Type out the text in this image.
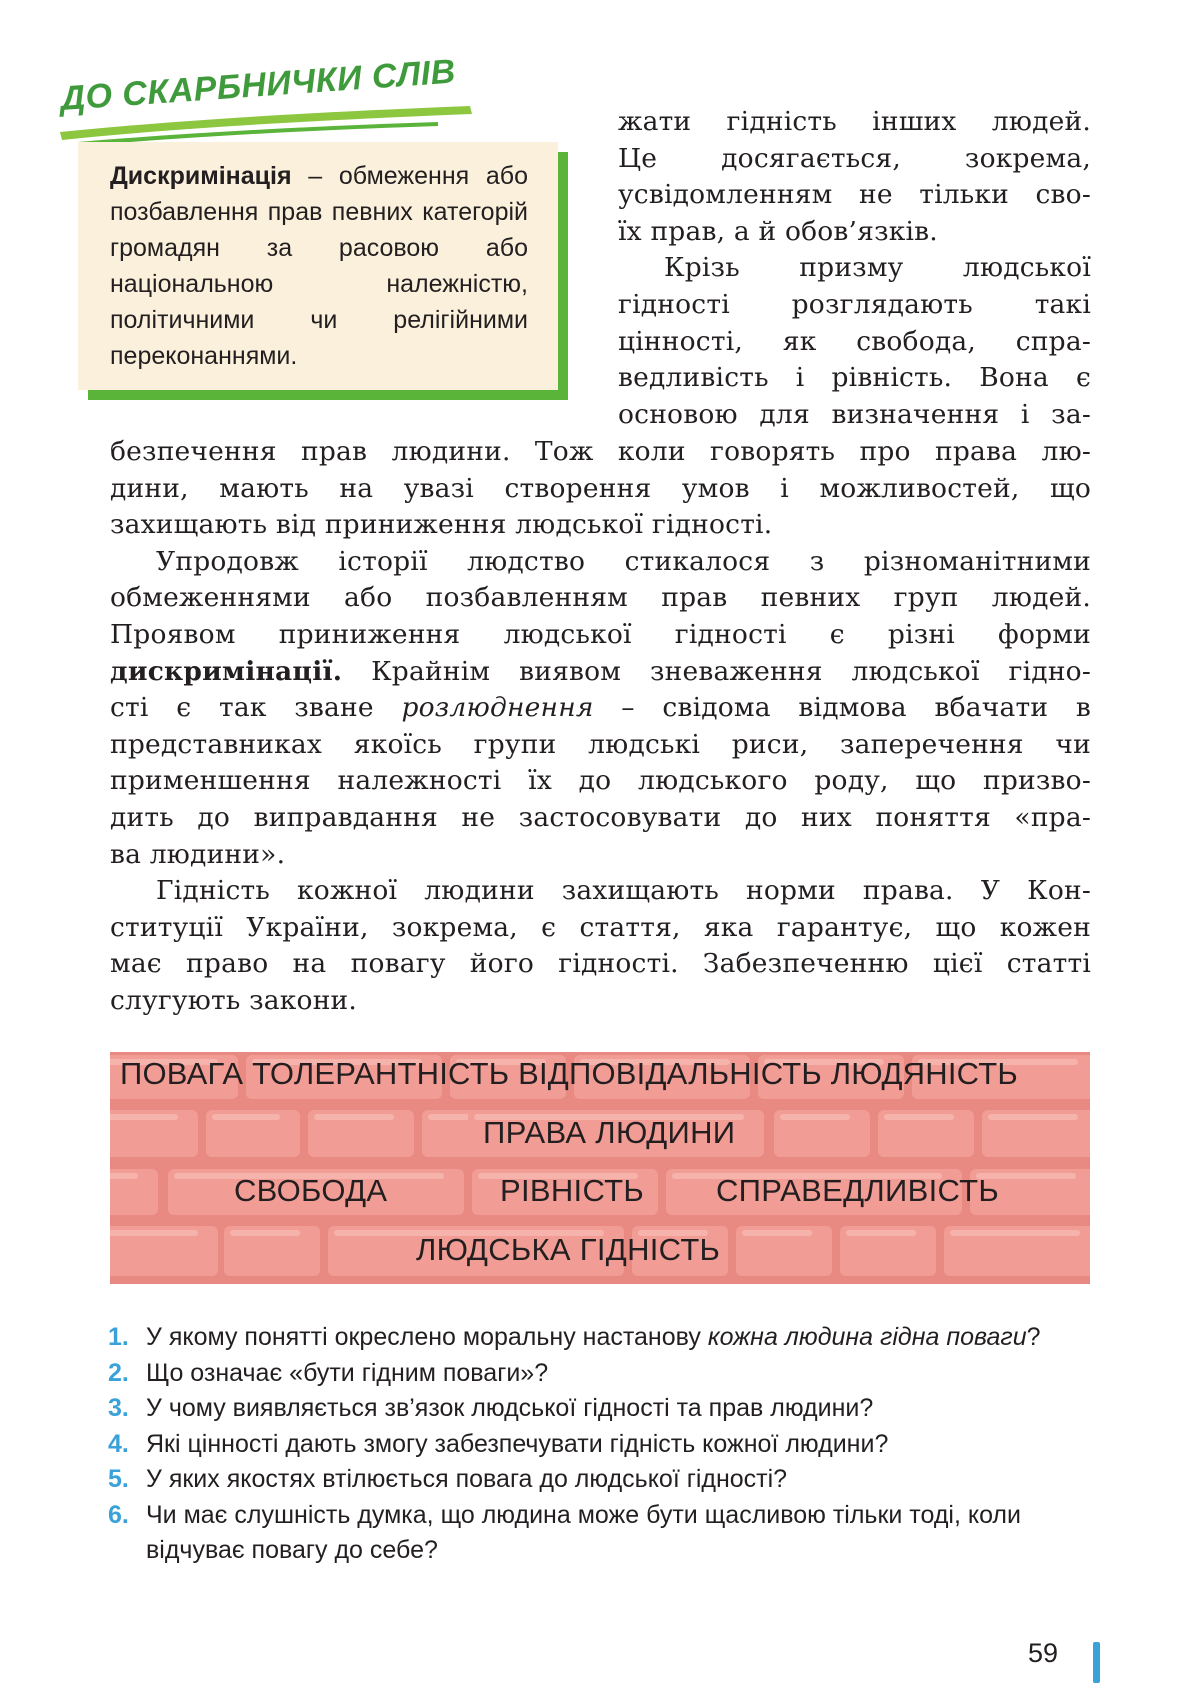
ДО СКАРБНИЧКИ СЛІВ

Дискримінація – обмеження або позбавлення прав певних категорій громадян за расовою або національною належністю, політичними чи релігійними переконаннями.

жати гідність інших людей.
Це досягається, зокрема,
усвідомленням не тільки сво-
їх прав, а й обов’язків.
Крізь призму людської
гідності розглядають такі
цінності, як свобода, спра-
ведливість і рівність. Вона є
основою для визначення і за-
безпечення прав людини. Тож коли говорять про права лю-
дини, мають на увазі створення умов і можливостей, що
захищають від приниження людської гідності.
Упродовж історії людство стикалося з різноманітними
обмеженнями або позбавленням прав певних груп людей.
Проявом приниження людської гідності є різні форми
дискримінації. Крайнім виявом зневаження людської гідно-
сті є так зване розлюднення – свідома відмова вбачати в
представниках якоїсь групи людські риси, заперечення чи
применшення належності їх до людського роду, що призво-
дить до виправдання не застосовувати до них поняття «пра-
ва людини».
Гідність кожної людини захищають норми права. У Кон-
ституції України, зокрема, є стаття, яка гарантує, що кожен
має право на повагу його гідності. Забезпеченню цієї статті
слугують закони.
ПОВАГА ТОЛЕРАНТНІСТЬ ВІДПОВІДАЛЬНІСТЬ ЛЮДЯНІСТЬ
ПРАВА ЛЮДИНИ
СВОБОДА	РІВНІСТЬ СПРАВЕДЛИВІСТЬ
ЛЮДСЬКА ГІДНІСТЬ
1. У якому понятті окреслено моральну настанову кожна людина гідна поваги?
2. Що означає «бути гідним поваги»?
3. У чому виявляється зв’язок людської гідності та прав людини?
4. Які цінності дають змогу забезпечувати гідність кожної людини?
5. У яких якостях втілюється повага до людської гідності?
6. Чи має слушність думка, що людина може бути щасливою тільки тоді, коли відчуває повагу до себе?
59
